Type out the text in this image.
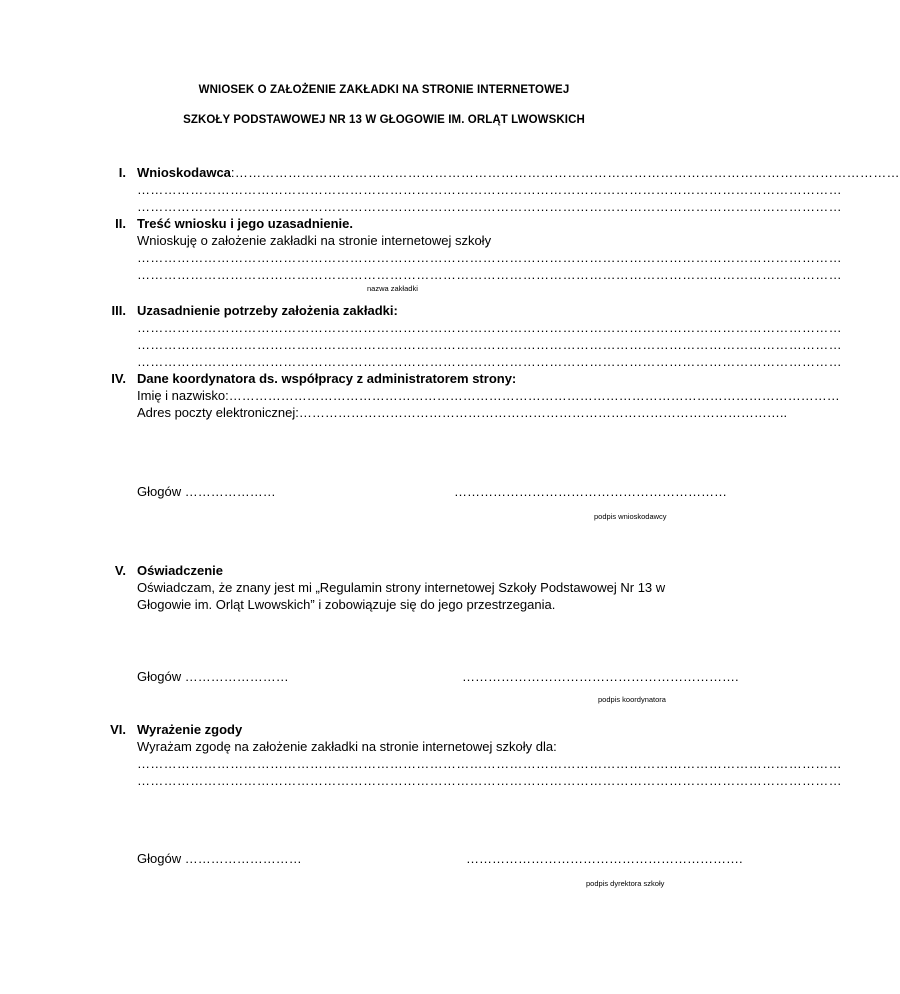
WNIOSEK O ZAŁOŻENIE ZAKŁADKI NA STRONIE INTERNETOWEJ
SZKOŁY PODSTAWOWEJ NR 13 W GŁOGOWIE IM. ORLĄT LWOWSKICH
I. Wnioskodawca:……………………………………………………………………………………………………………………………………
……………………………………………………………………………………………………………………………………………
……………………………………………………………………………………………………………………………………………
II. Treść wniosku i jego uzasadnienie.
Wnioskuję o założenie zakładki na stronie internetowej szkoły
……………………………………………………………………………………………………………………………………………
……………………………………………………………………………………………………………………………………………
nazwa zakładki
III. Uzasadnienie potrzeby założenia zakładki:
……………………………………………………………………………………………………………………………………………
……………………………………………………………………………………………………………………………………………
……………………………………………………………………………………………………………………………………………
IV. Dane koordynatora ds. współpracy z administratorem strony:
Imię i nazwisko:……………………………………………………………………………………………………………………………
Adres poczty elektronicznej:…………………………………………………………………………………………………..
Głogów …………………	………………………………………………………
podpis wnioskodawcy
V. Oświadczenie
Oświadczam, że znany jest mi „Regulamin strony internetowej Szkoły Podstawowej Nr 13 w
Głogowie im. Orląt Lwowskich” i zobowiązuje się do jego przestrzegania.
Głogów ……………………	……………………………………………………….
podpis koordynatora
VI. Wyrażenie zgody
Wyrażam zgodę na założenie zakładki na stronie internetowej szkoły dla:
……………………………………………………………………………………………………………………………………………
……………………………………………………………………………………………………………………………………………
Głogów ………………………	……………………………………………………….
podpis dyrektora szkoły
